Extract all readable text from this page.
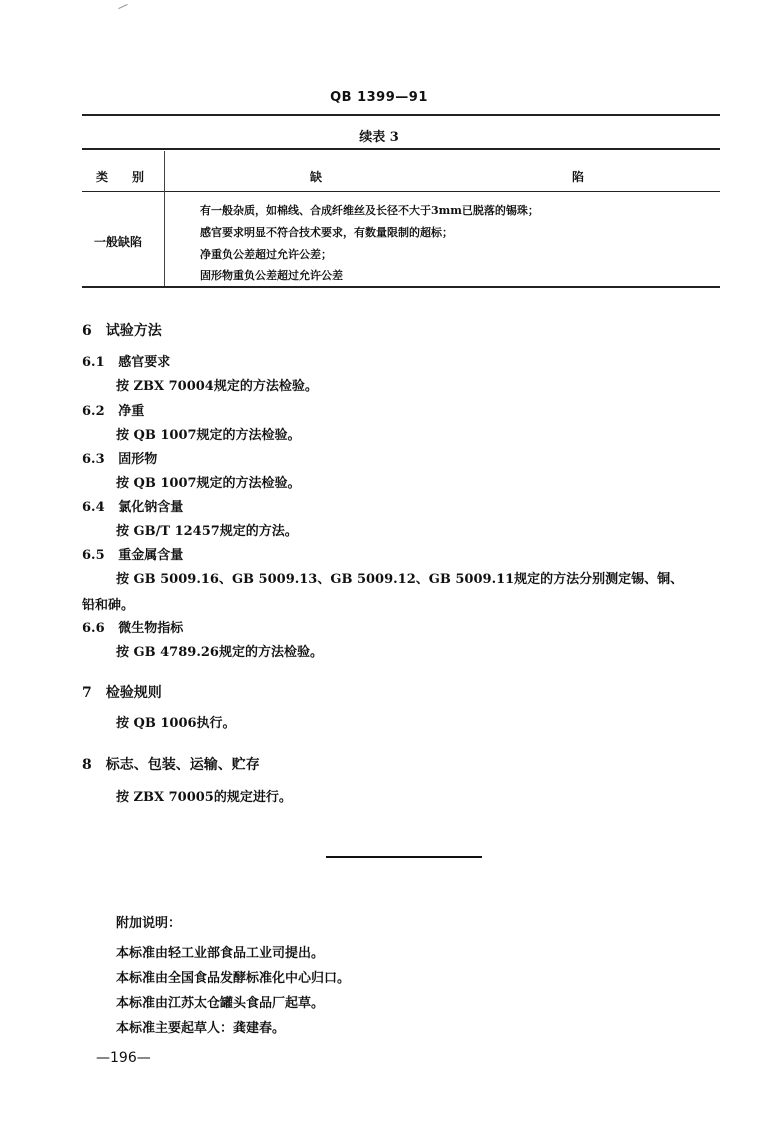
QB 1399—91
续表 3
类　　别	缺	陷
一般缺陷
有一般杂质，如棉线、合成纤维丝及长径不大于3mm已脱落的锡珠；
感官要求明显不符合技术要求，有数量限制的超标；
净重负公差超过允许公差；
固形物重负公差超过允许公差
6　试验方法
6.1 感官要求
按 ZBX 70004规定的方法检验。
6.2 净重
按 QB 1007规定的方法检验。
6.3 固形物
按 QB 1007规定的方法检验。
6.4 氯化钠含量
按 GB/T 12457规定的方法。
6.5 重金属含量
按 GB 5009.16、GB 5009.13、GB 5009.12、GB 5009.11规定的方法分别测定锡、铜、
铅和砷。
6.6 微生物指标
按 GB 4789.26规定的方法检验。
7　检验规则
按 QB 1006执行。
8　标志、包装、运输、贮存
按 ZBX 70005的规定进行。
附加说明：
本标准由轻工业部食品工业司提出。
本标准由全国食品发酵标准化中心归口。
本标准由江苏太仓罐头食品厂起草。
本标准主要起草人：龚建春。
—196—
